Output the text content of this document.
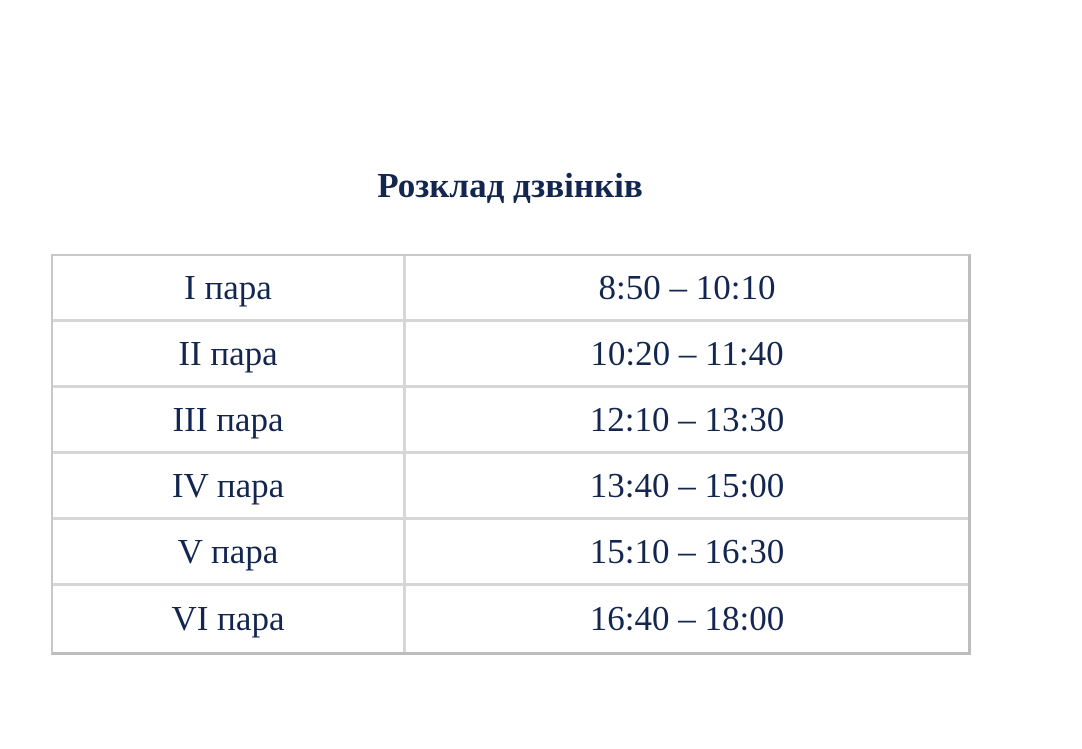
Розклад дзвінків
I пара	8:50 – 10:10
II пара	10:20 – 11:40
III пара	12:10 – 13:30
IV пара	13:40 – 15:00
V пара	15:10 – 16:30
VI пара	16:40 – 18:00
